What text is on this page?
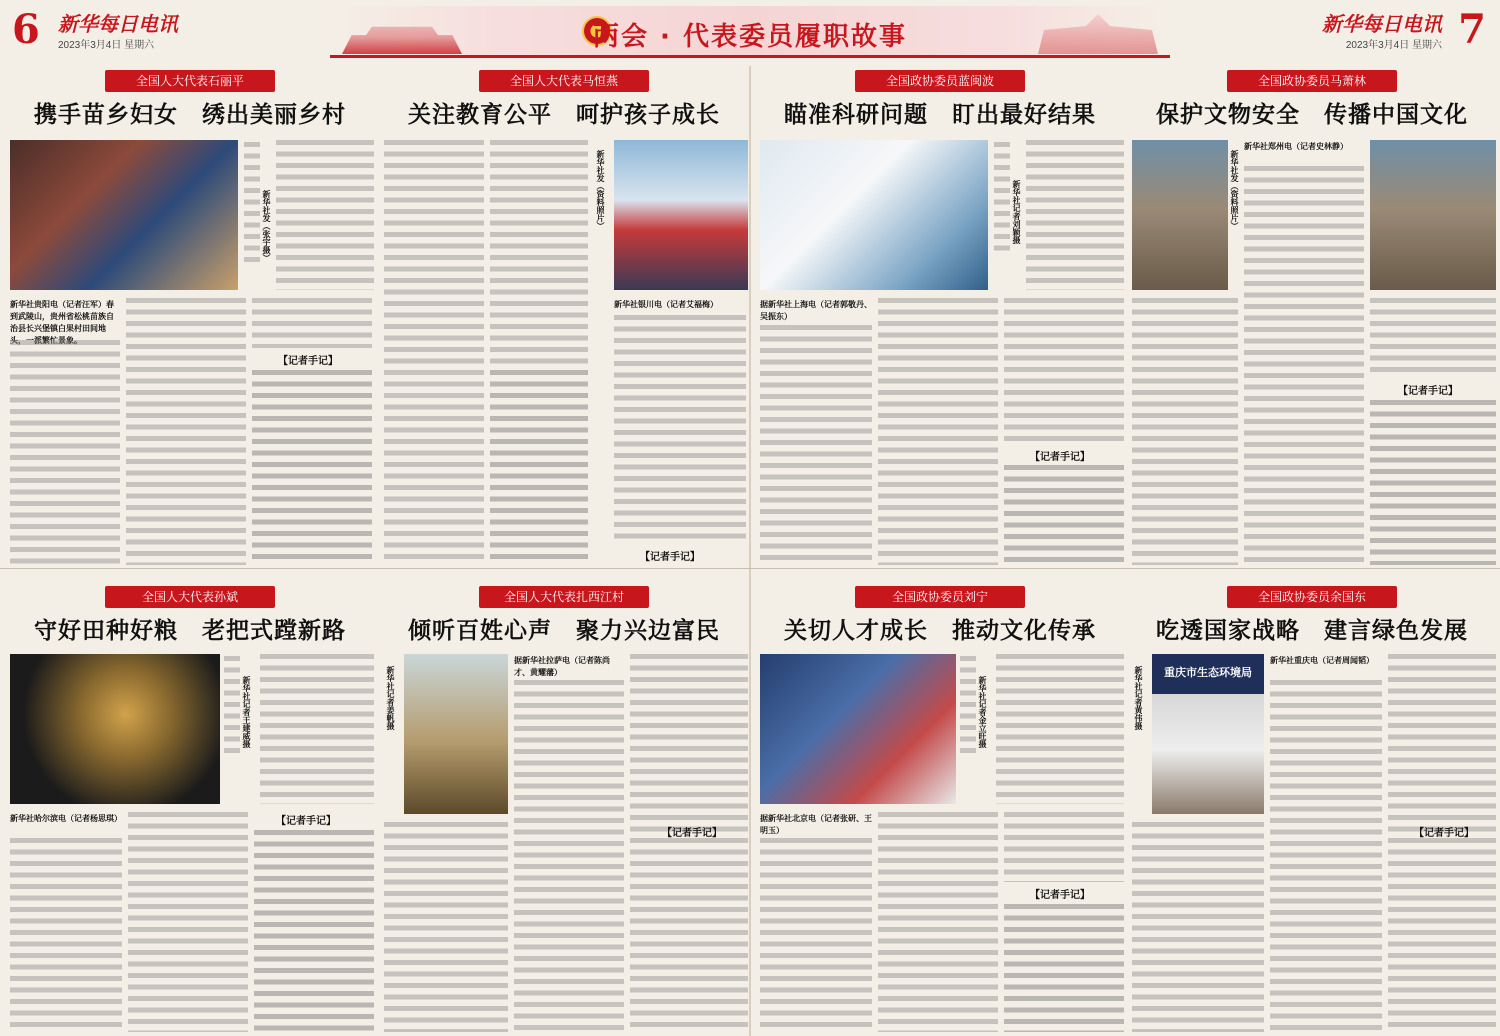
6 新华每日电讯
2023年3月4日 星期六	两会 · 代表委员履职故事	7
新华每日电讯
2023年3月4日 星期六
全国人大代表石丽平
携手苗乡妇女　绣出美丽乡村
新华社发（张宇摄）
新华社贵阳电（记者汪军）春到武陵山，贵州省松桃苗族自治县长兴堡镇白果村田间地头，一派繁忙景象。
【记者手记】
全国人大代表马恒燕
关注教育公平　呵护孩子成长
新华社发（资料照片）
新华社银川电（记者艾福梅）
【记者手记】
全国政协委员蓝闽波
瞄准科研问题　盯出最好结果
新华社记者刘颖摄
据新华社上海电（记者郭敬丹、吴振东）
【记者手记】
全国政协委员马萧林
保护文物安全　传播中国文化
新华社发（资料照片）
新华社郑州电（记者史林静）
【记者手记】
全国人大代表孙斌
守好田种好粮　老把式蹚新路
新华社记者王建威摄
新华社哈尔滨电（记者杨思琪）	【记者手记】
全国人大代表扎西江村
倾听百姓心声　聚力兴边富民
新华社记者姜帆摄
据新华社拉萨电（记者陈尚才、黄耀藩）
【记者手记】
全国政协委员刘宁
关切人才成长　推动文化传承
新华社记者金立旺摄
据新华社北京电（记者张研、王明玉）
【记者手记】
全国政协委员余国东
吃透国家战略　建言绿色发展
新华社记者黄伟摄	重庆市生态环境局
新华社重庆电（记者周闻韬）
【记者手记】
